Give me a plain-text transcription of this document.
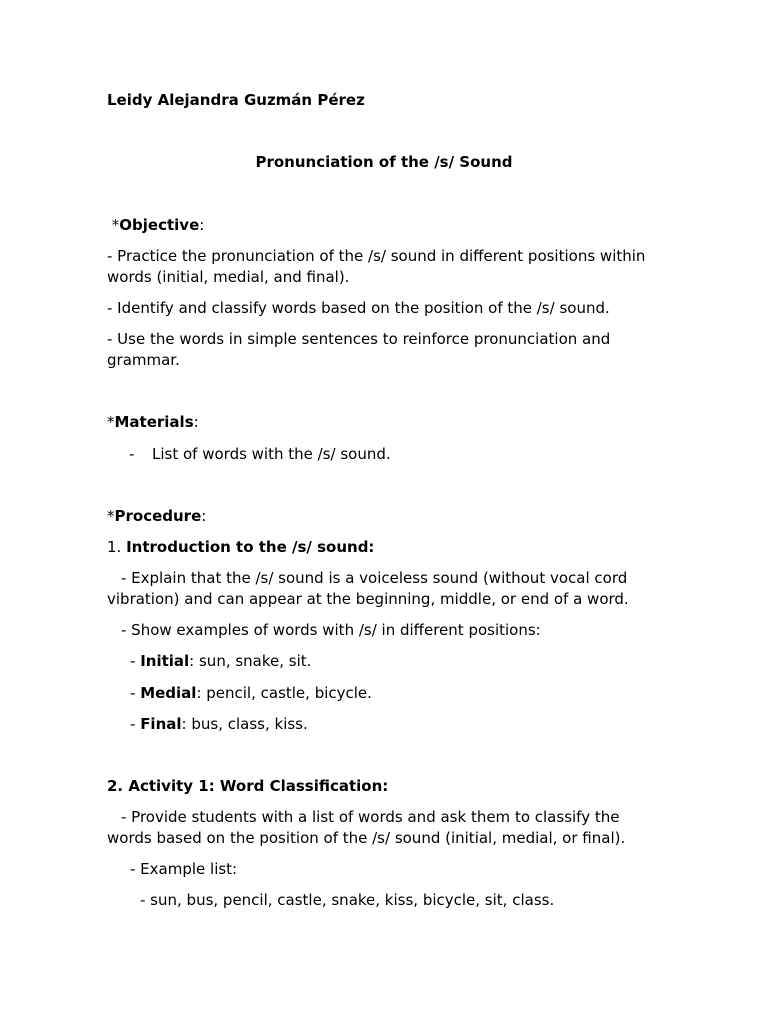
Leidy Alejandra Guzmán Pérez
Pronunciation of the /s/ Sound
*Objective:
- Practice the pronunciation of the /s/ sound in different positions within words (initial, medial, and final).
- Identify and classify words based on the position of the /s/ sound.
- Use the words in simple sentences to reinforce pronunciation and grammar.
*Materials:
-	List of words with the /s/ sound.
*Procedure:
1. Introduction to the /s/ sound:
- Explain that the /s/ sound is a voiceless sound (without vocal cord vibration) and can appear at the beginning, middle, or end of a word.
- Show examples of words with /s/ in different positions:
- Initial: sun, snake, sit.
- Medial: pencil, castle, bicycle.
- Final: bus, class, kiss.
2. Activity 1: Word Classification:
- Provide students with a list of words and ask them to classify the words based on the position of the /s/ sound (initial, medial, or final).
- Example list:
- sun, bus, pencil, castle, snake, kiss, bicycle, sit, class.
